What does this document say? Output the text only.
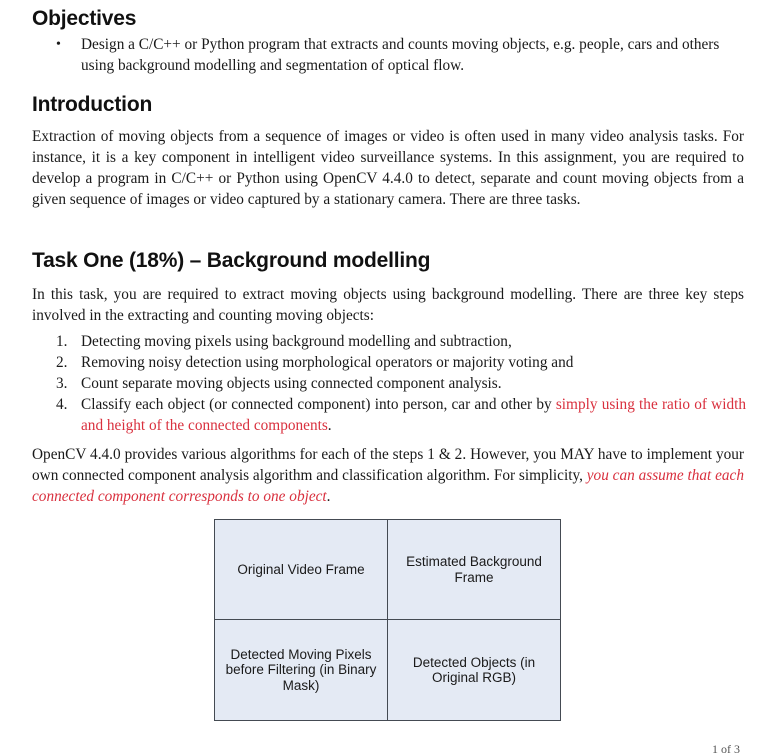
Objectives
• Design a C/C++ or Python program that extracts and counts moving objects, e.g. people, cars and others using background modelling and segmentation of optical flow.
Introduction

Extraction of moving objects from a sequence of images or video is often used in many video analysis tasks. For instance, it is a key component in intelligent video surveillance systems. In this assignment, you are required to develop a program in C/C++ or Python using OpenCV 4.4.0 to detect, separate and count moving objects from a given sequence of images or video captured by a stationary camera. There are three tasks.

Task One (18%) – Background modelling

In this task, you are required to extract moving objects using background modelling. There are three key steps involved in the extracting and counting moving objects:

1. Detecting moving pixels using background modelling and subtraction,
2. Removing noisy detection using morphological operators or majority voting and
3. Count separate moving objects using connected component analysis.
4. Classify each object (or connected component) into person, car and other by simply using the ratio of width and height of the connected components.

OpenCV 4.4.0 provides various algorithms for each of the steps 1 & 2. However, you MAY have to implement your own connected component analysis algorithm and classification algorithm. For simplicity, you can assume that each connected component corresponds to one object.

Original Video Frame
Estimated Background Frame
Detected Moving Pixels before Filtering (in Binary Mask)
Detected Objects (in Original RGB)
1 of 3
